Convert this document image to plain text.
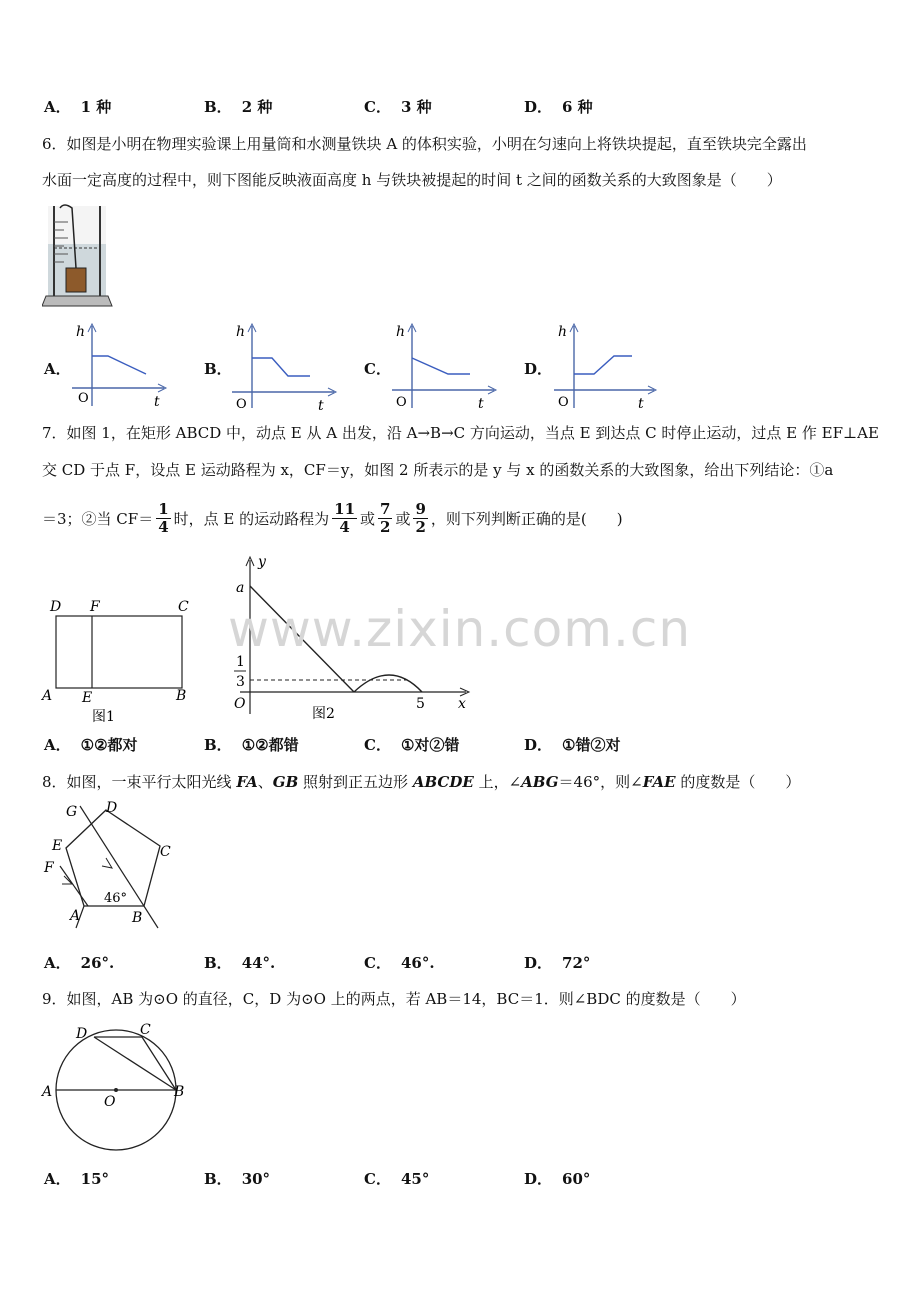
A． 1 种	B． 2 种	C． 3 种	D． 6 种
6．如图是小明在物理实验课上用量筒和水测量铁块 A 的体积实验，小明在匀速向上将铁块提起，直至铁块完全露出
水面一定高度的过程中，则下图能反映液面高度 h 与铁块被提起的时间 t 之间的函数关系的大致图象是（　　）
A．	B．	C．	D．
h
t
O
h
t
O
h
t
O
h
t
O
7．如图 1，在矩形 ABCD 中，动点 E 从 A 出发，沿 A→B→C 方向运动，当点 E 到达点 C 时停止运动，过点 E 作 EF⊥AE
交 CD 于点 F，设点 E 运动路程为 x，CF＝y，如图 2 所表示的是 y 与 x 的函数关系的大致图象，给出下列结论：①a
＝3；②当 $CF= \frac{1}{4}$ 时，点 E 的运动路程为 $\frac{11}{4}$ 或 $\frac{7}{2}$ 或 $\frac{9}{2}$ ，则下列判断正确的是(　　)
D F	C
A E	B
图1
y
a
1
3
O	5 x
图2
www.zixin.com.cn
A． ①②都对	B． ①②都错	C． ①对②错	D． ①错②对
8．如图，一束平行太阳光线 FA、GB 照射到正五边形 ABCDE 上，∠ABG＝46°，则∠FAE 的度数是（　　）
G D
E	C
F
A	B
46°
A． 26°.	B． 44°.	C． 46°.	D． 72°
9．如图，AB 为⊙O 的直径，C，D 为⊙O 上的两点，若 AB＝14，BC＝1．则∠BDC 的度数是（　　）
D	C
A
O
B
A． 15°	B． 30°	C． 45°	D． 60°
